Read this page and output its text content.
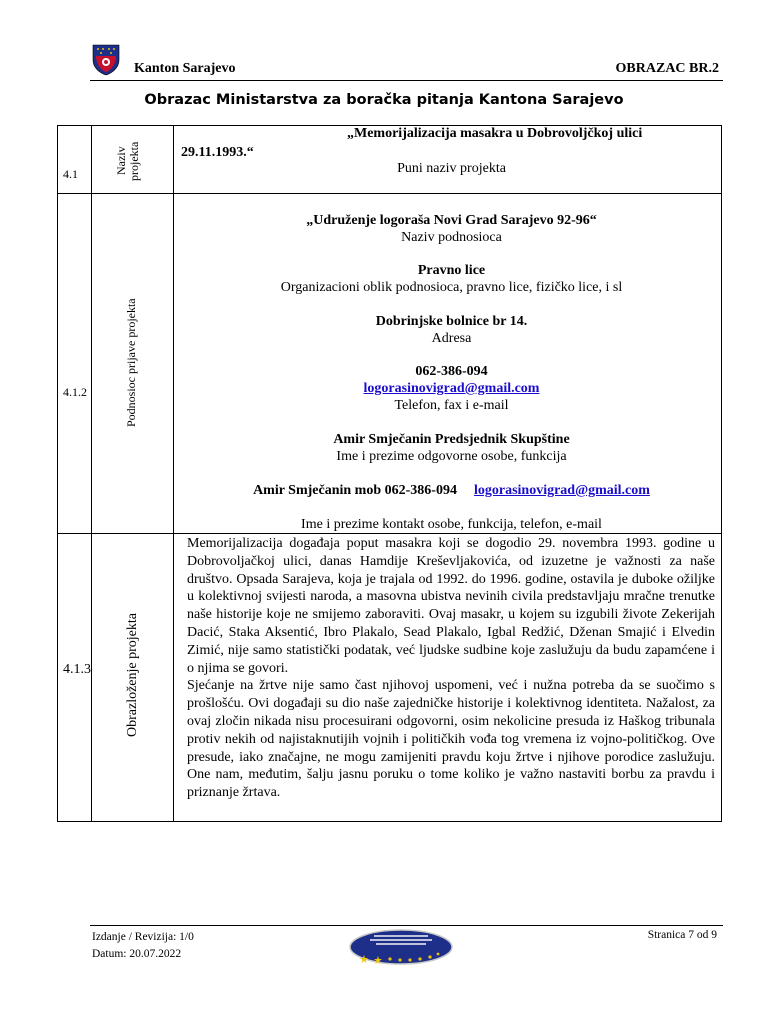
Kanton Sarajevo	OBRAZAC BR.2
Obrazac Ministarstva za boračka pitanja Kantona Sarajevo
4.1	Naziv projekta
„Memorijalizacija masakra u Dobrovoljčkoj ulici
29.11.1993.“
Puni naziv projekta
4.1.2	Podnosioc prijave projekta
„Udruženje logoraša Novi Grad Sarajevo 92-96“
Naziv podnosioca
Pravno lice
Organizacioni oblik podnosioca, pravno lice, fizičko lice, i sl
Dobrinjske bolnice br 14.
Adresa
062-386-094
logorasinovigrad@gmail.com
Telefon, fax i e-mail
Amir Smječanin Predsjednik Skupštine
Ime i prezime odgovorne osobe, funkcija
Amir Smječanin mob 062-386-094 logorasinovigrad@gmail.com
Ime i prezime kontakt osobe, funkcija, telefon, e-mail
4.1.3 Obrazloženje projekta

Memorijalizacija događaja poput masakra koji se dogodio 29. novembra 1993. godine u Dobrovoljačkoj ulici, danas Hamdije Kreševljakovića, od izuzetne je važnosti za naše društvo. Opsada Sarajeva, koja je trajala od 1992. do 1996. godine, ostavila je duboke ožiljke u kolektivnoj svijesti naroda, a masovna ubistva nevinih civila predstavljaju mračne trenutke naše historije koje ne smijemo zaboraviti. Ovaj masakr, u kojem su izgubili živote Zekerijah Dacić, Staka Aksentić, Ibro Plakalo, Sead Plakalo, Igbal Redžić, Dženan Smajić i Elvedin Zimić, nije samo statistički podatak, već ljudske sudbine koje zaslužuju da budu zapamćene i o njima se govori.

Sjećanje na žrtve nije samo čast njihovoj uspomeni, već i nužna potreba da se suočimo s prošlošću. Ovi događaji su dio naše zajedničke historije i kolektivnog identiteta. Nažalost, za ovaj zločin nikada nisu procesuirani odgovorni, osim nekolicine presuda iz Haškog tribunala protiv nekih od najistaknutijih vojnih i političkih vođa tog vremena iz vojno-političkog. Ove presude, iako značajne, ne mogu zamijeniti pravdu koju žrtve i njihove porodice zaslužuju. One nam, međutim, šalju jasnu poruku o tome koliko je važno nastaviti borbu za pravdu i priznanje žrtava.

Izdanje / Revizija: 1/0
Datum: 20.07.2022
Stranica 7 od 9
